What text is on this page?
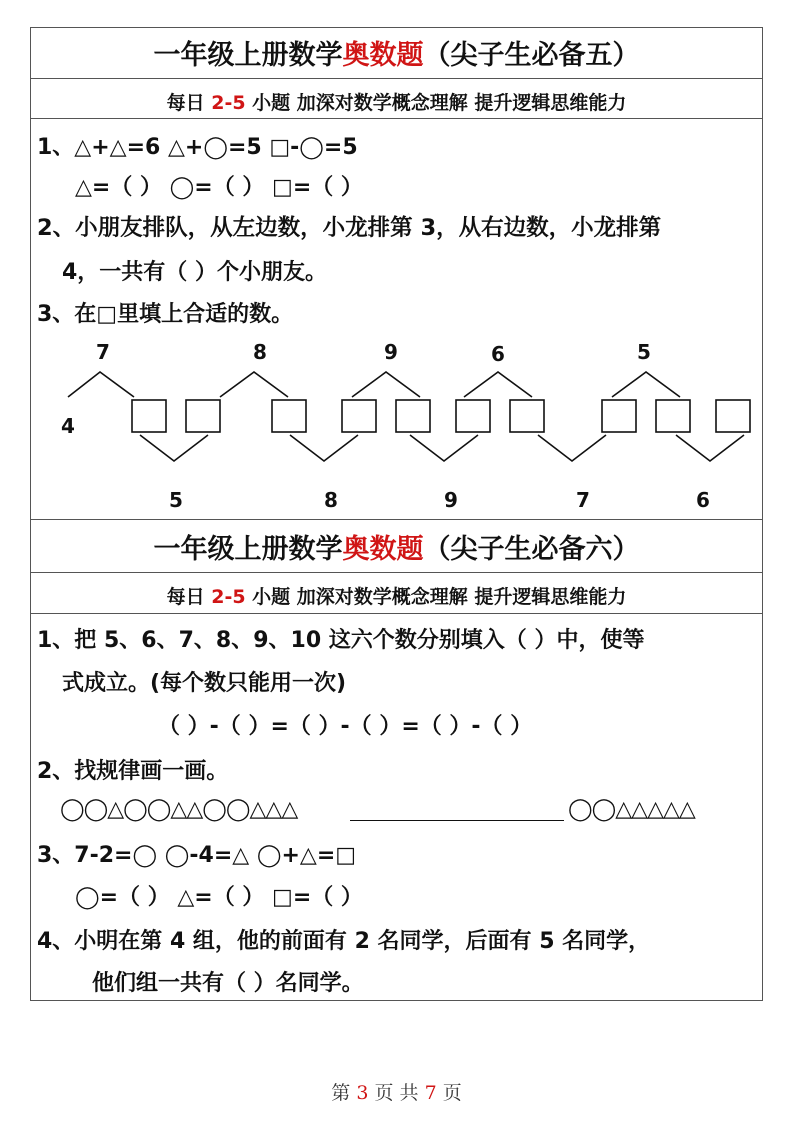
一年级上册数学奥数题（尖子生必备五）
每日 2-5 小题 加深对数学概念理解 提升逻辑思维能力
1、△+△=6 △+◯=5 □-◯=5
△=（ ） ◯=（ ） □=（ ）
2、小朋友排队，从左边数，小龙排第 3，从右边数，小龙排第
4，一共有（ ）个小朋友。
3、在□里填上合适的数。
7	8	9	6	5
4
5	8	9	7	6
一年级上册数学奥数题（尖子生必备六）
每日 2-5 小题 加深对数学概念理解 提升逻辑思维能力
1、把 5、6、7、8、9、10 这六个数分别填入（ ）中，使等
式成立。(每个数只能用一次)
（ ）-（ ）=（ ）-（ ）=（ ）-（ ）
2、找规律画一画。
◯◯△◯◯△△◯◯△△△	◯◯△△△△△
3、7-2=◯ ◯-4=△ ◯+△=□
◯=（ ） △=（ ） □=（ ）
4、小明在第 4 组，他的前面有 2 名同学，后面有 5 名同学，
他们组一共有（ ）名同学。
第 3 页 共 7 页
